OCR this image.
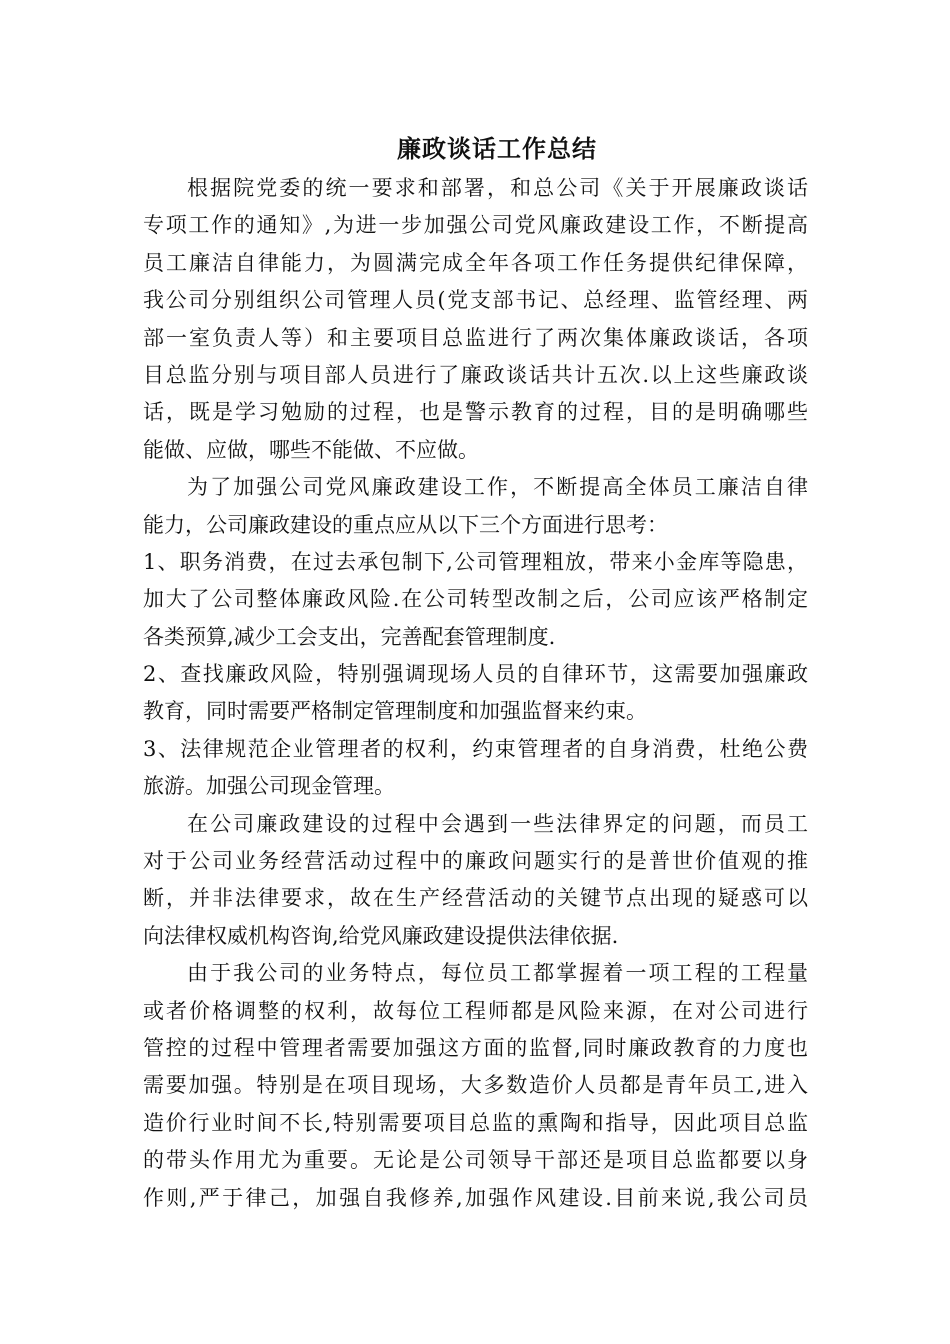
廉政谈话工作总结
根据院党委的统一要求和部署，和总公司《关于开展廉政谈话
专项工作的通知》,为进一步加强公司党风廉政建设工作，不断提高
员工廉洁自律能力，为圆满完成全年各项工作任务提供纪律保障，
我公司分别组织公司管理人员(党支部书记、总经理、监管经理、两
部一室负责人等）和主要项目总监进行了两次集体廉政谈话，各项
目总监分别与项目部人员进行了廉政谈话共计五次.以上这些廉政谈
话，既是学习勉励的过程，也是警示教育的过程，目的是明确哪些
能做、应做，哪些不能做、不应做。
为了加强公司党风廉政建设工作，不断提高全体员工廉洁自律
能力，公司廉政建设的重点应从以下三个方面进行思考：
1、职务消费，在过去承包制下,公司管理粗放，带来小金库等隐患，
加大了公司整体廉政风险.在公司转型改制之后，公司应该严格制定
各类预算,减少工会支出，完善配套管理制度.
2、查找廉政风险，特别强调现场人员的自律环节，这需要加强廉政
教育，同时需要严格制定管理制度和加强监督来约束。
3、法律规范企业管理者的权利，约束管理者的自身消费，杜绝公费
旅游。加强公司现金管理。
在公司廉政建设的过程中会遇到一些法律界定的问题，而员工
对于公司业务经营活动过程中的廉政问题实行的是普世价值观的推
断，并非法律要求，故在生产经营活动的关键节点出现的疑惑可以
向法律权威机构咨询,给党风廉政建设提供法律依据.
由于我公司的业务特点，每位员工都掌握着一项工程的工程量
或者价格调整的权利，故每位工程师都是风险来源，在对公司进行
管控的过程中管理者需要加强这方面的监督,同时廉政教育的力度也
需要加强。特别是在项目现场，大多数造价人员都是青年员工,进入
造价行业时间不长,特别需要项目总监的熏陶和指导，因此项目总监
的带头作用尤为重要。无论是公司领导干部还是项目总监都要以身
作则,严于律己，加强自我修养,加强作风建设.目前来说,我公司员
